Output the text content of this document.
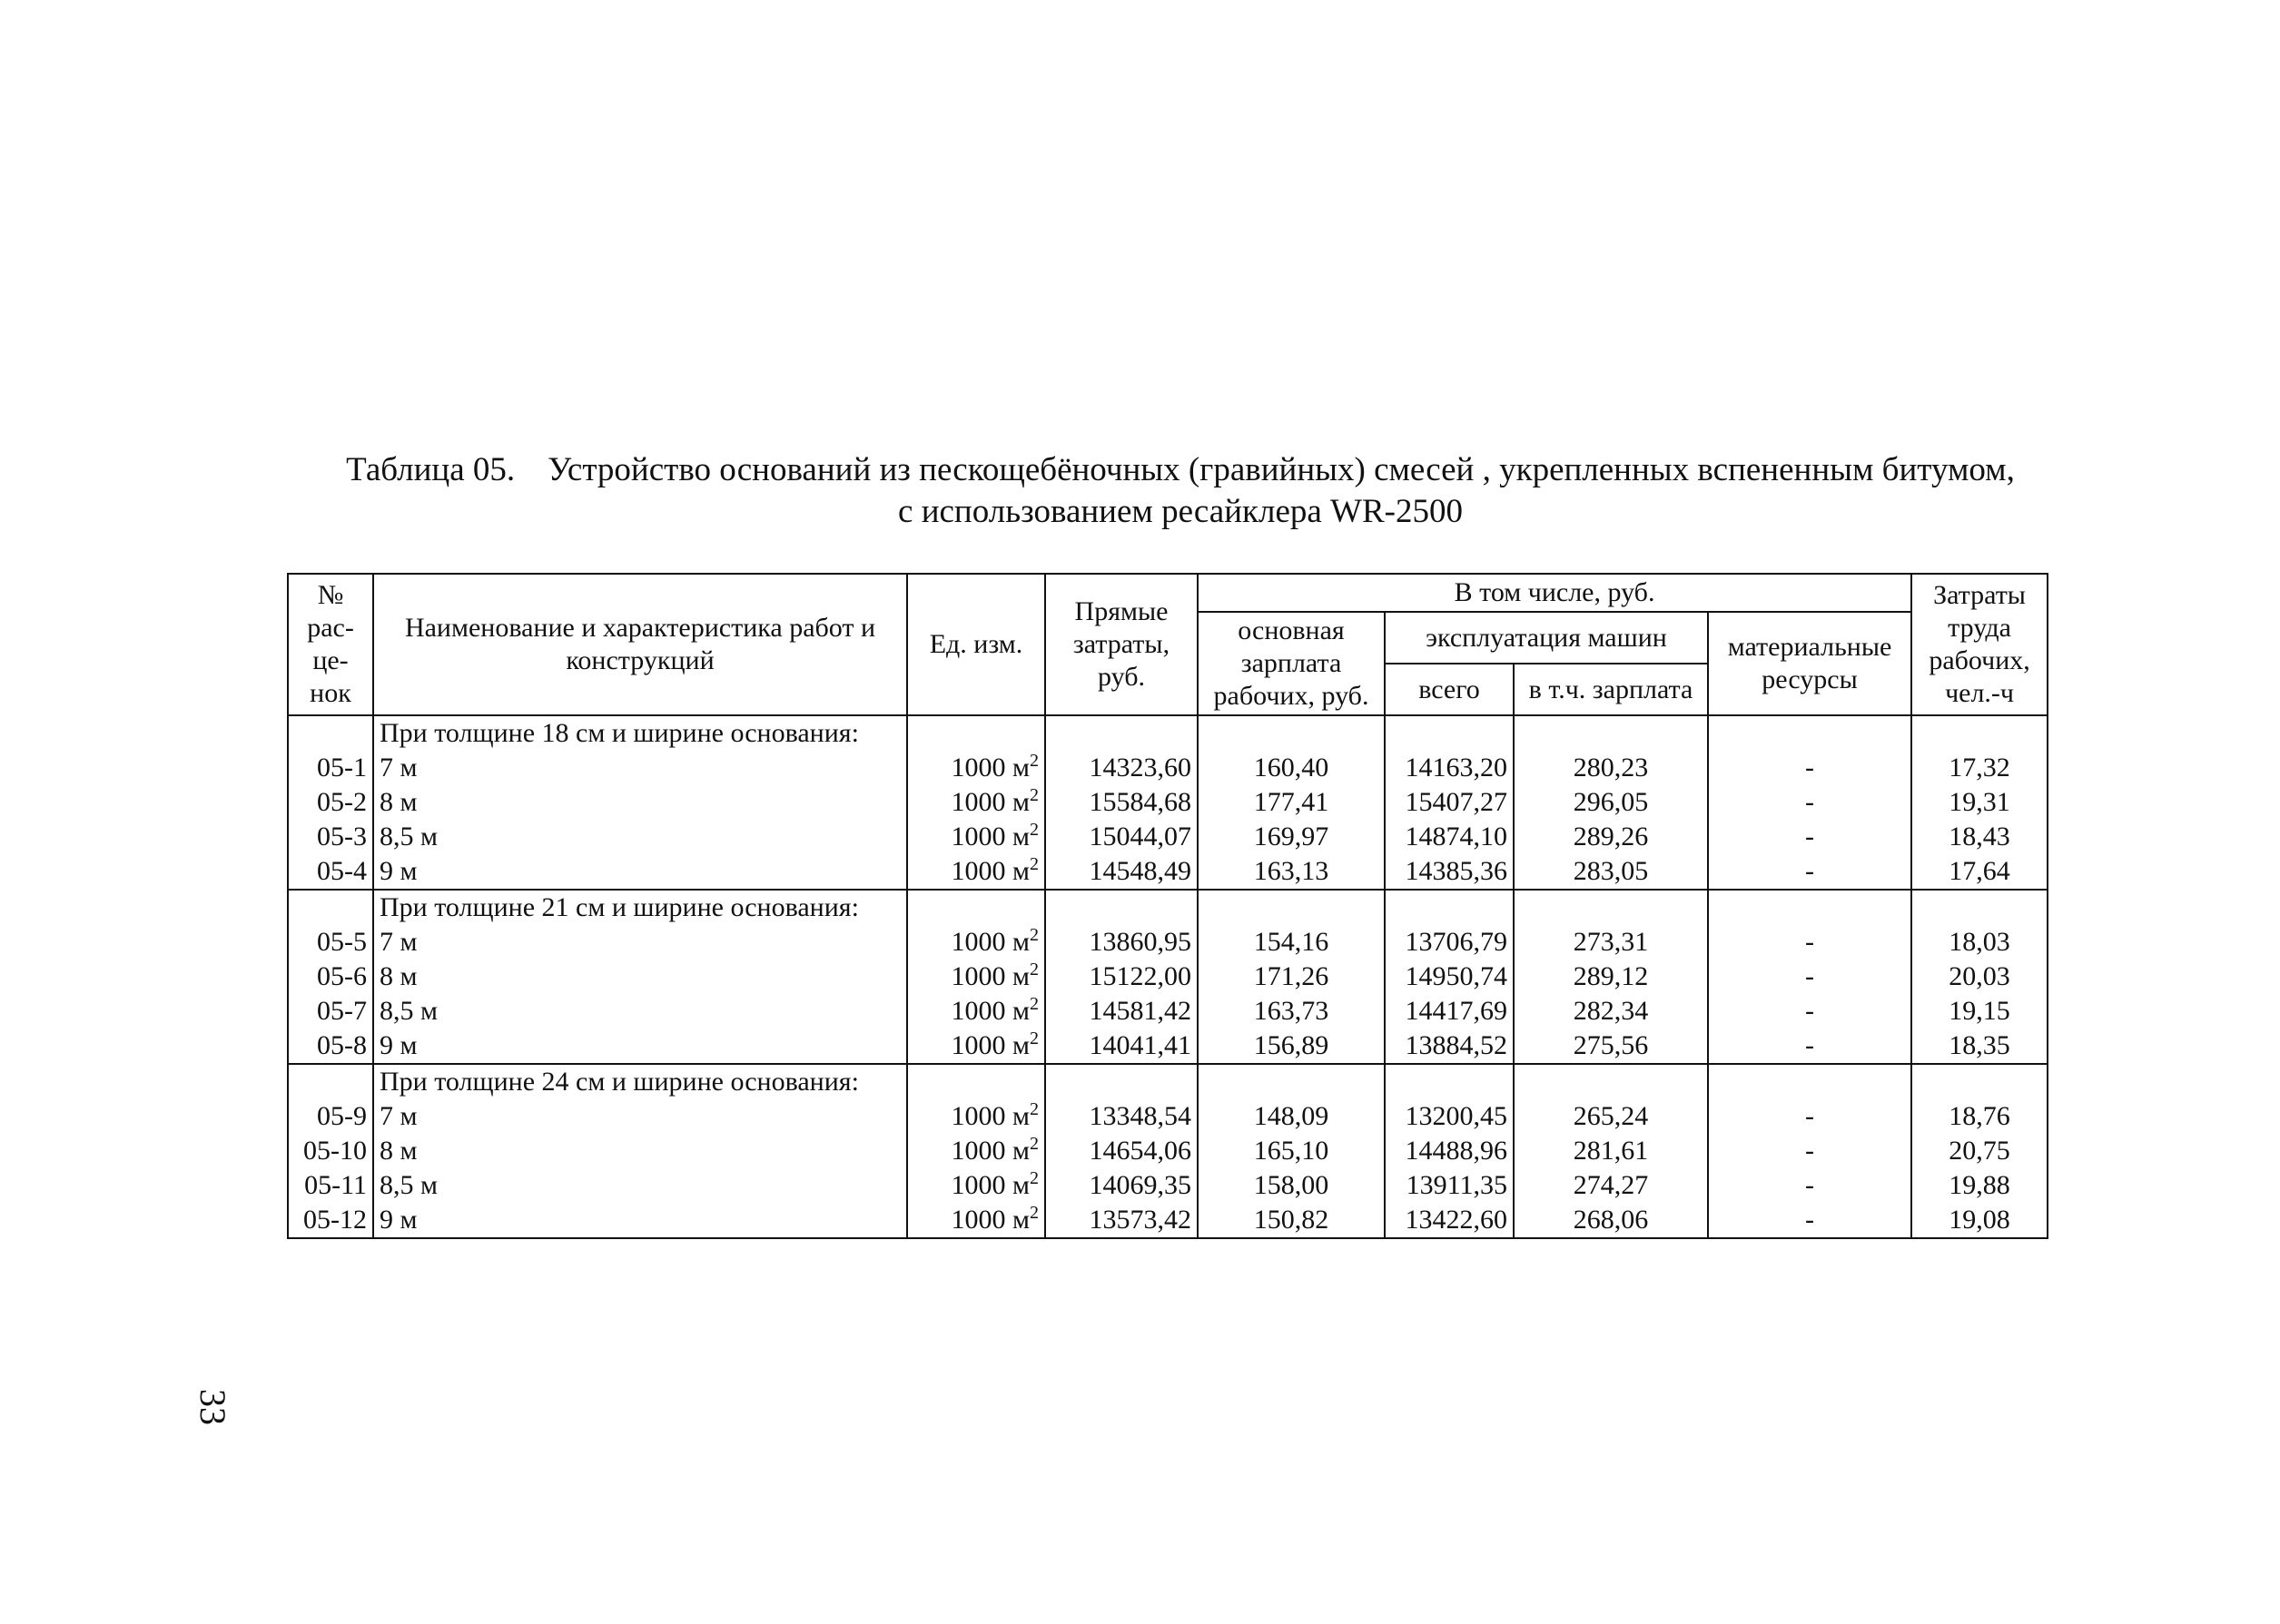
Таблица 05. Устройство оснований из пескощебёночных (гравийных) смесей , укрепленных вспененным битумом,
с использованием ресайклера WR-2500
№ рас-це-нок	Наименование и характеристика работ и конструкций	Ед. изм.	Прямые затраты, руб.	В том числе, руб.				Затраты труда рабочих, чел.-ч
				основная зарплата рабочих, руб.	эксплуатация машин		материальные ресурсы	
					всего	в т.ч. зарплата		
	При толщине 18 см и ширине основания:							
05-1	7 м	1000 $м^2$	14323,60	160,40	14163,20	280,23	-	17,32
05-2	8 м	1000 $м^2$	15584,68	177,41	15407,27	296,05	-	19,31
05-3	8,5 м	1000 $м^2$	15044,07	169,97	14874,10	289,26	-	18,43
05-4	9 м	1000 $м^2$	14548,49	163,13	14385,36	283,05	-	17,64
	При толщине 21 см и ширине основания:							
05-5	7 м	1000 $м^2$	13860,95	154,16	13706,79	273,31	-	18,03
05-6	8 м	1000 $м^2$	15122,00	171,26	14950,74	289,12	-	20,03
05-7	8,5 м	1000 $м^2$	14581,42	163,73	14417,69	282,34	-	19,15
05-8	9 м	1000 $м^2$	14041,41	156,89	13884,52	275,56	-	18,35
	При толщине 24 см и ширине основания:							
05-9	7 м	1000 $м^2$	13348,54	148,09	13200,45	265,24	-	18,76
05-10	8 м	1000 $м^2$	14654,06	165,10	14488,96	281,61	-	20,75
05-11	8,5 м	1000 $м^2$	14069,35	158,00	13911,35	274,27	-	19,88
05-12	9 м	1000 $м^2$	13573,42	150,82	13422,60	268,06	-	19,08
33
